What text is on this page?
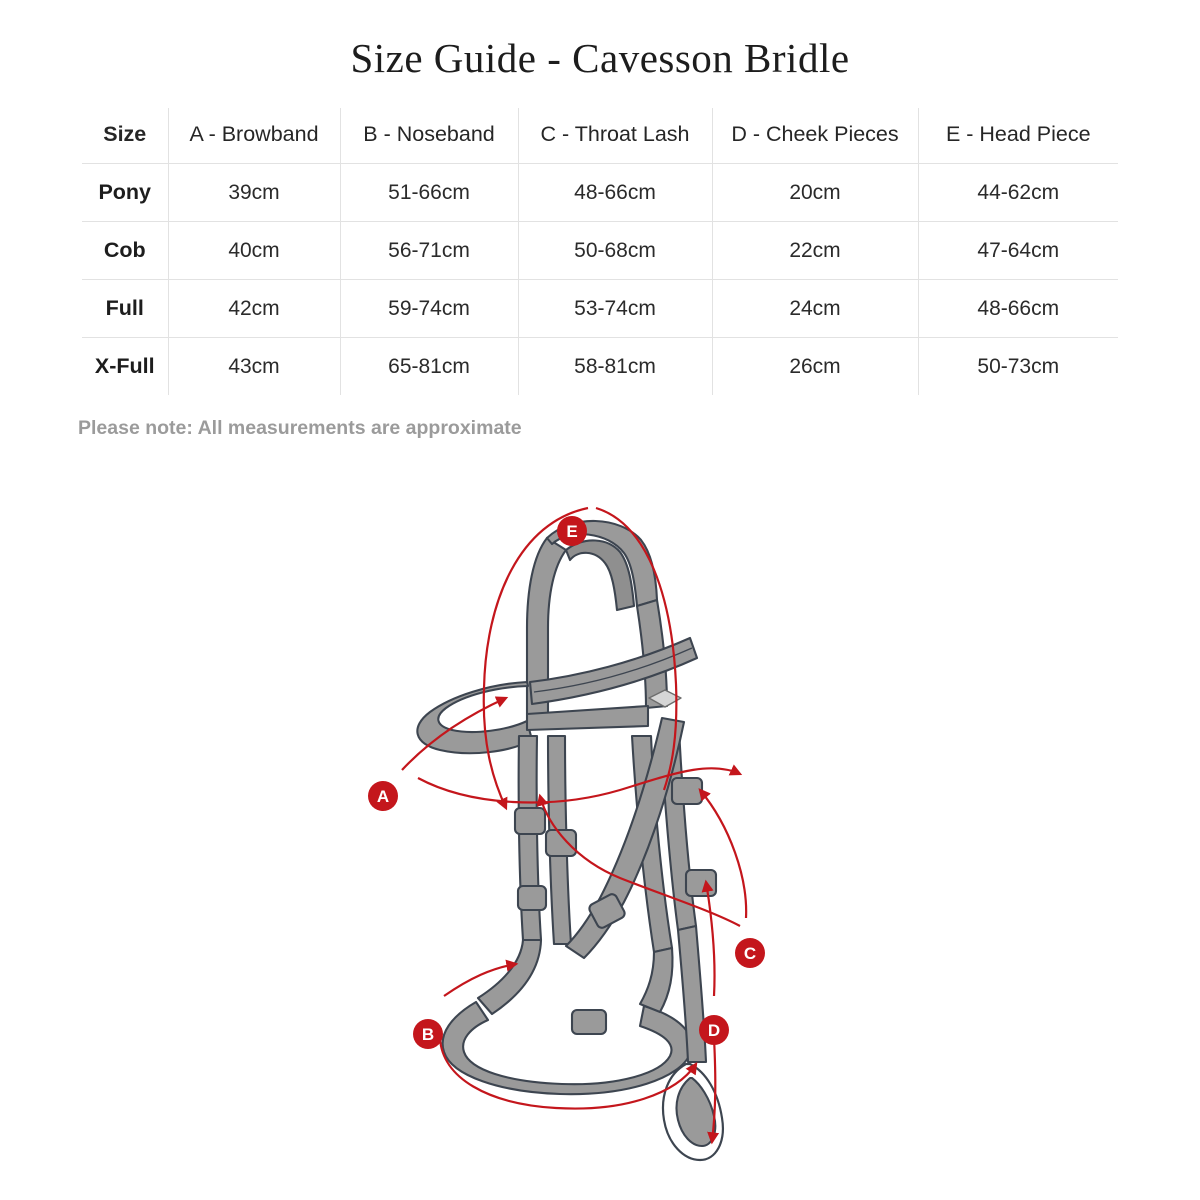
Size Guide - Cavesson Bridle
Size	A - Browband	B - Noseband	C - Throat Lash	D - Cheek Pieces	E - Head Piece
Pony	39cm	51-66cm	48-66cm	20cm	44-62cm
Cob	40cm	56-71cm	50-68cm	22cm	47-64cm
Full	42cm	59-74cm	53-74cm	24cm	48-66cm
X-Full	43cm	65-81cm	58-81cm	26cm	50-73cm
Please note: All measurements are approximate
E
A
C
B	D
